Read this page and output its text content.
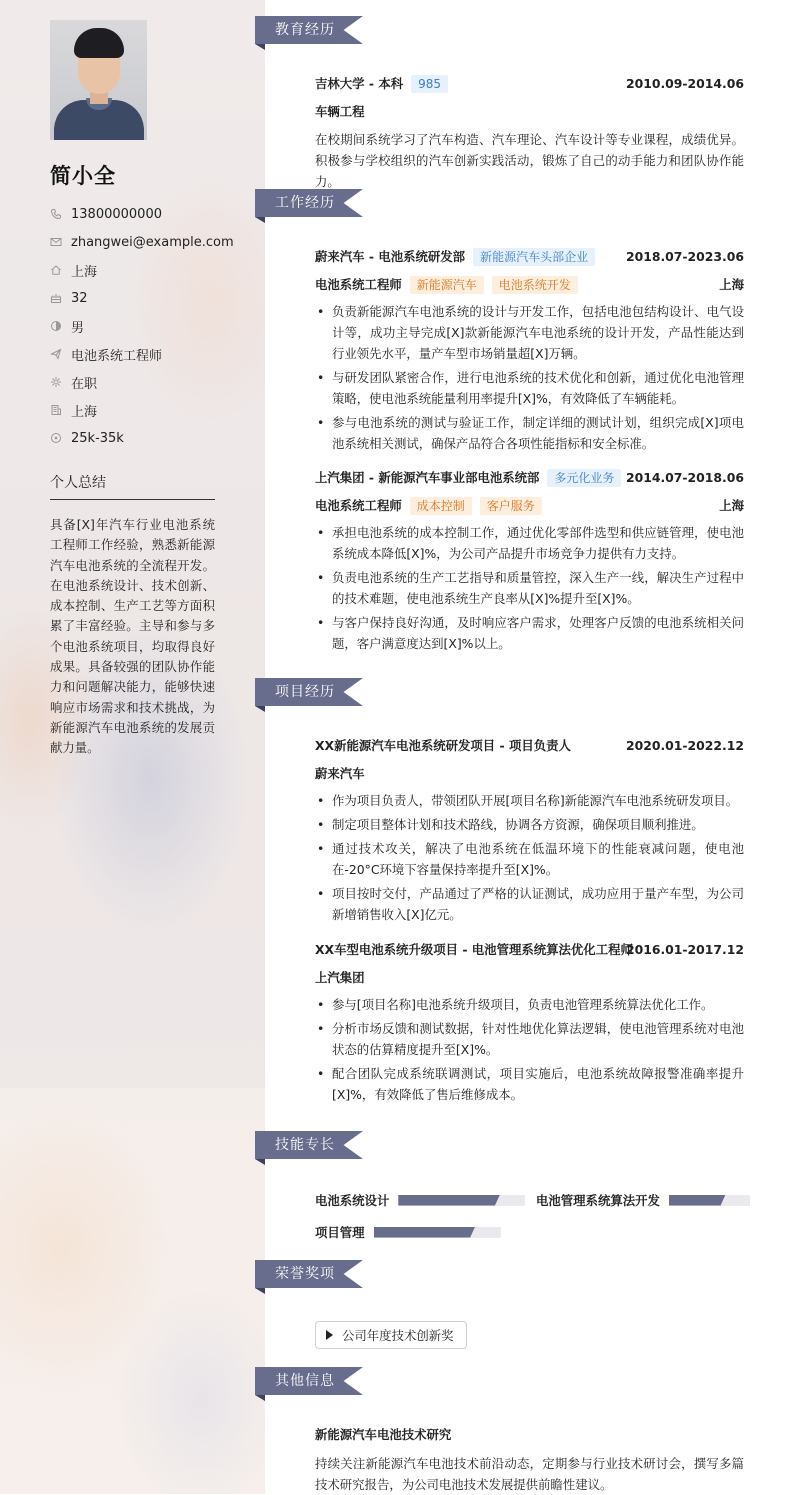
简小全
13800000000
zhangwei@example.com
上海
32
男
电池系统工程师
在职
上海
25k-35k
个人总结
具备[X]年汽车行业电池系统工程师工作经验，熟悉新能源汽车电池系统的全流程开发。在电池系统设计、技术创新、成本控制、生产工艺等方面积累了丰富经验。主导和参与多个电池系统项目，均取得良好成果。具备较强的团队协作能力和问题解决能力，能够快速响应市场需求和技术挑战，为新能源汽车电池系统的发展贡献力量。
教育经历
吉林大学 - 本科	985	2010.09-2014.06
车辆工程
在校期间系统学习了汽车构造、汽车理论、汽车设计等专业课程，成绩优异。积极参与学校组织的汽车创新实践活动，锻炼了自己的动手能力和团队协作能力。
工作经历
蔚来汽车 - 电池系统研发部	新能源汽车头部企业	2018.07-2023.06
电池系统工程师	新能源汽车	电池系统开发	上海
• 负责新能源汽车电池系统的设计与开发工作，包括电池包结构设计、电气设计等，成功主导完成[X]款新能源汽车电池系统的设计开发，产品性能达到行业领先水平，量产车型市场销量超[X]万辆。
• 与研发团队紧密合作，进行电池系统的技术优化和创新，通过优化电池管理策略，使电池系统能量利用率提升[X]%，有效降低了车辆能耗。
• 参与电池系统的测试与验证工作，制定详细的测试计划，组织完成[X]项电池系统相关测试，确保产品符合各项性能指标和安全标准。
上汽集团 - 新能源汽车事业部电池系统部	多元化业务 2014.07-2018.06
电池系统工程师	成本控制	客户服务	上海
• 承担电池系统的成本控制工作，通过优化零部件选型和供应链管理，使电池系统成本降低[X]%，为公司产品提升市场竞争力提供有力支持。
• 负责电池系统的生产工艺指导和质量管控，深入生产一线，解决生产过程中的技术难题，使电池系统生产良率从[X]%提升至[X]%。
• 与客户保持良好沟通，及时响应客户需求，处理客户反馈的电池系统相关问题，客户满意度达到[X]%以上。
项目经历
XX新能源汽车电池系统研发项目 - 项目负责人	2020.01-2022.12
蔚来汽车
• 作为项目负责人，带领团队开展[项目名称]新能源汽车电池系统研发项目。
• 制定项目整体计划和技术路线，协调各方资源，确保项目顺利推进。
• 通过技术攻关，解决了电池系统在低温环境下的性能衰减问题，使电池在-20°C环境下容量保持率提升至[X]%。
• 项目按时交付，产品通过了严格的认证测试，成功应用于量产车型，为公司新增销售收入[X]亿元。
XX车型电池系统升级项目 - 电池管理系统算法优化工程师
2016.01-2017.12
上汽集团
• 参与[项目名称]电池系统升级项目，负责电池管理系统算法优化工作。
• 分析市场反馈和测试数据，针对性地优化算法逻辑，使电池管理系统对电池状态的估算精度提升至[X]%。
• 配合团队完成系统联调测试，项目实施后，电池系统故障报警准确率提升[X]%，有效降低了售后维修成本。
技能专长
电池系统设计	电池管理系统算法开发
项目管理
荣誉奖项
公司年度技术创新奖
其他信息
新能源汽车电池技术研究
持续关注新能源汽车电池技术前沿动态，定期参与行业技术研讨会，撰写多篇技术研究报告，为公司电池技术发展提供前瞻性建议。
